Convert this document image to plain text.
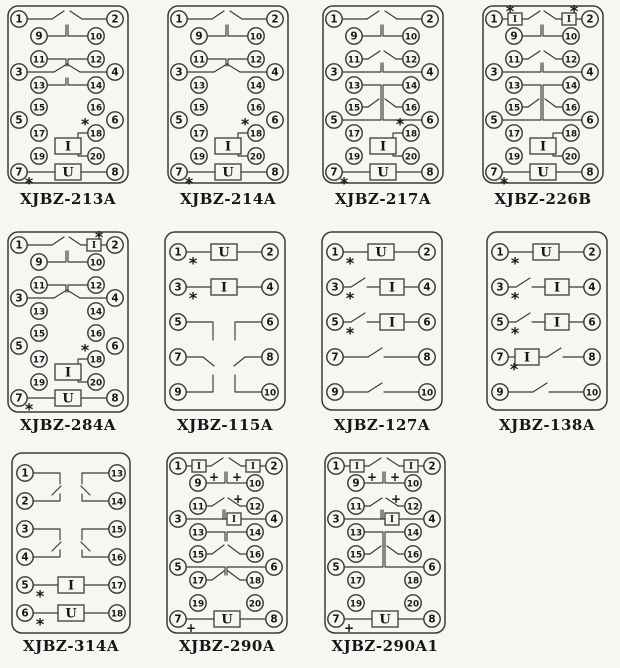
U
I
1
9
11
3
13
15
5
17
19
7
2
10
12
4
14
16
6
18
20
8
*
*
XJBZ-213A
U
I
1
9
11
3
13
15
5
17
19
7
2
10
12
4
14
16
6
18
20
8
*
*
XJBZ-214A
U
I
1
9
11
3
13
15
5
17
19
7
2
10
12
4
14
16
6
18
20
8
*
*
XJBZ-217A
U
I
I	I
1
9
11
3
13
15
5
17
19
7
2
10
12
4
14
16
6
18
20
8
*	*
*
XJBZ-226B
U
I
I
1
9
11
3
13
15
5
17
19
7
2
10
12
4
14
16
6
18
20
8
*
*
*
XJBZ-284A
U
I
1	2
3	4
5	6
7	8
9	10
*
*
XJBZ-115A
U
I
I
1	2
3	4
5	6
7	8
9	10
*
*
*
XJBZ-127A
U
I
I
I
1	2
3	4
5	6
7	8
9	10
*
*
*
*
XJBZ-138A
I
U
1	13
2	14
3	15
4	16
5	17
6	18
*
*
XJBZ-314A
U
I	I
I
1
9
11
3
13
15
5
17
19
7
2
10
12
4
14
16
6
18
20
8
+ +
+
+
XJBZ-290A
U
I	I
I
1
9
11
3
13
15
5
17
19
7
2
10
12
4
14
16
6
18
20
8
+ +
+
+
XJBZ-290A1
